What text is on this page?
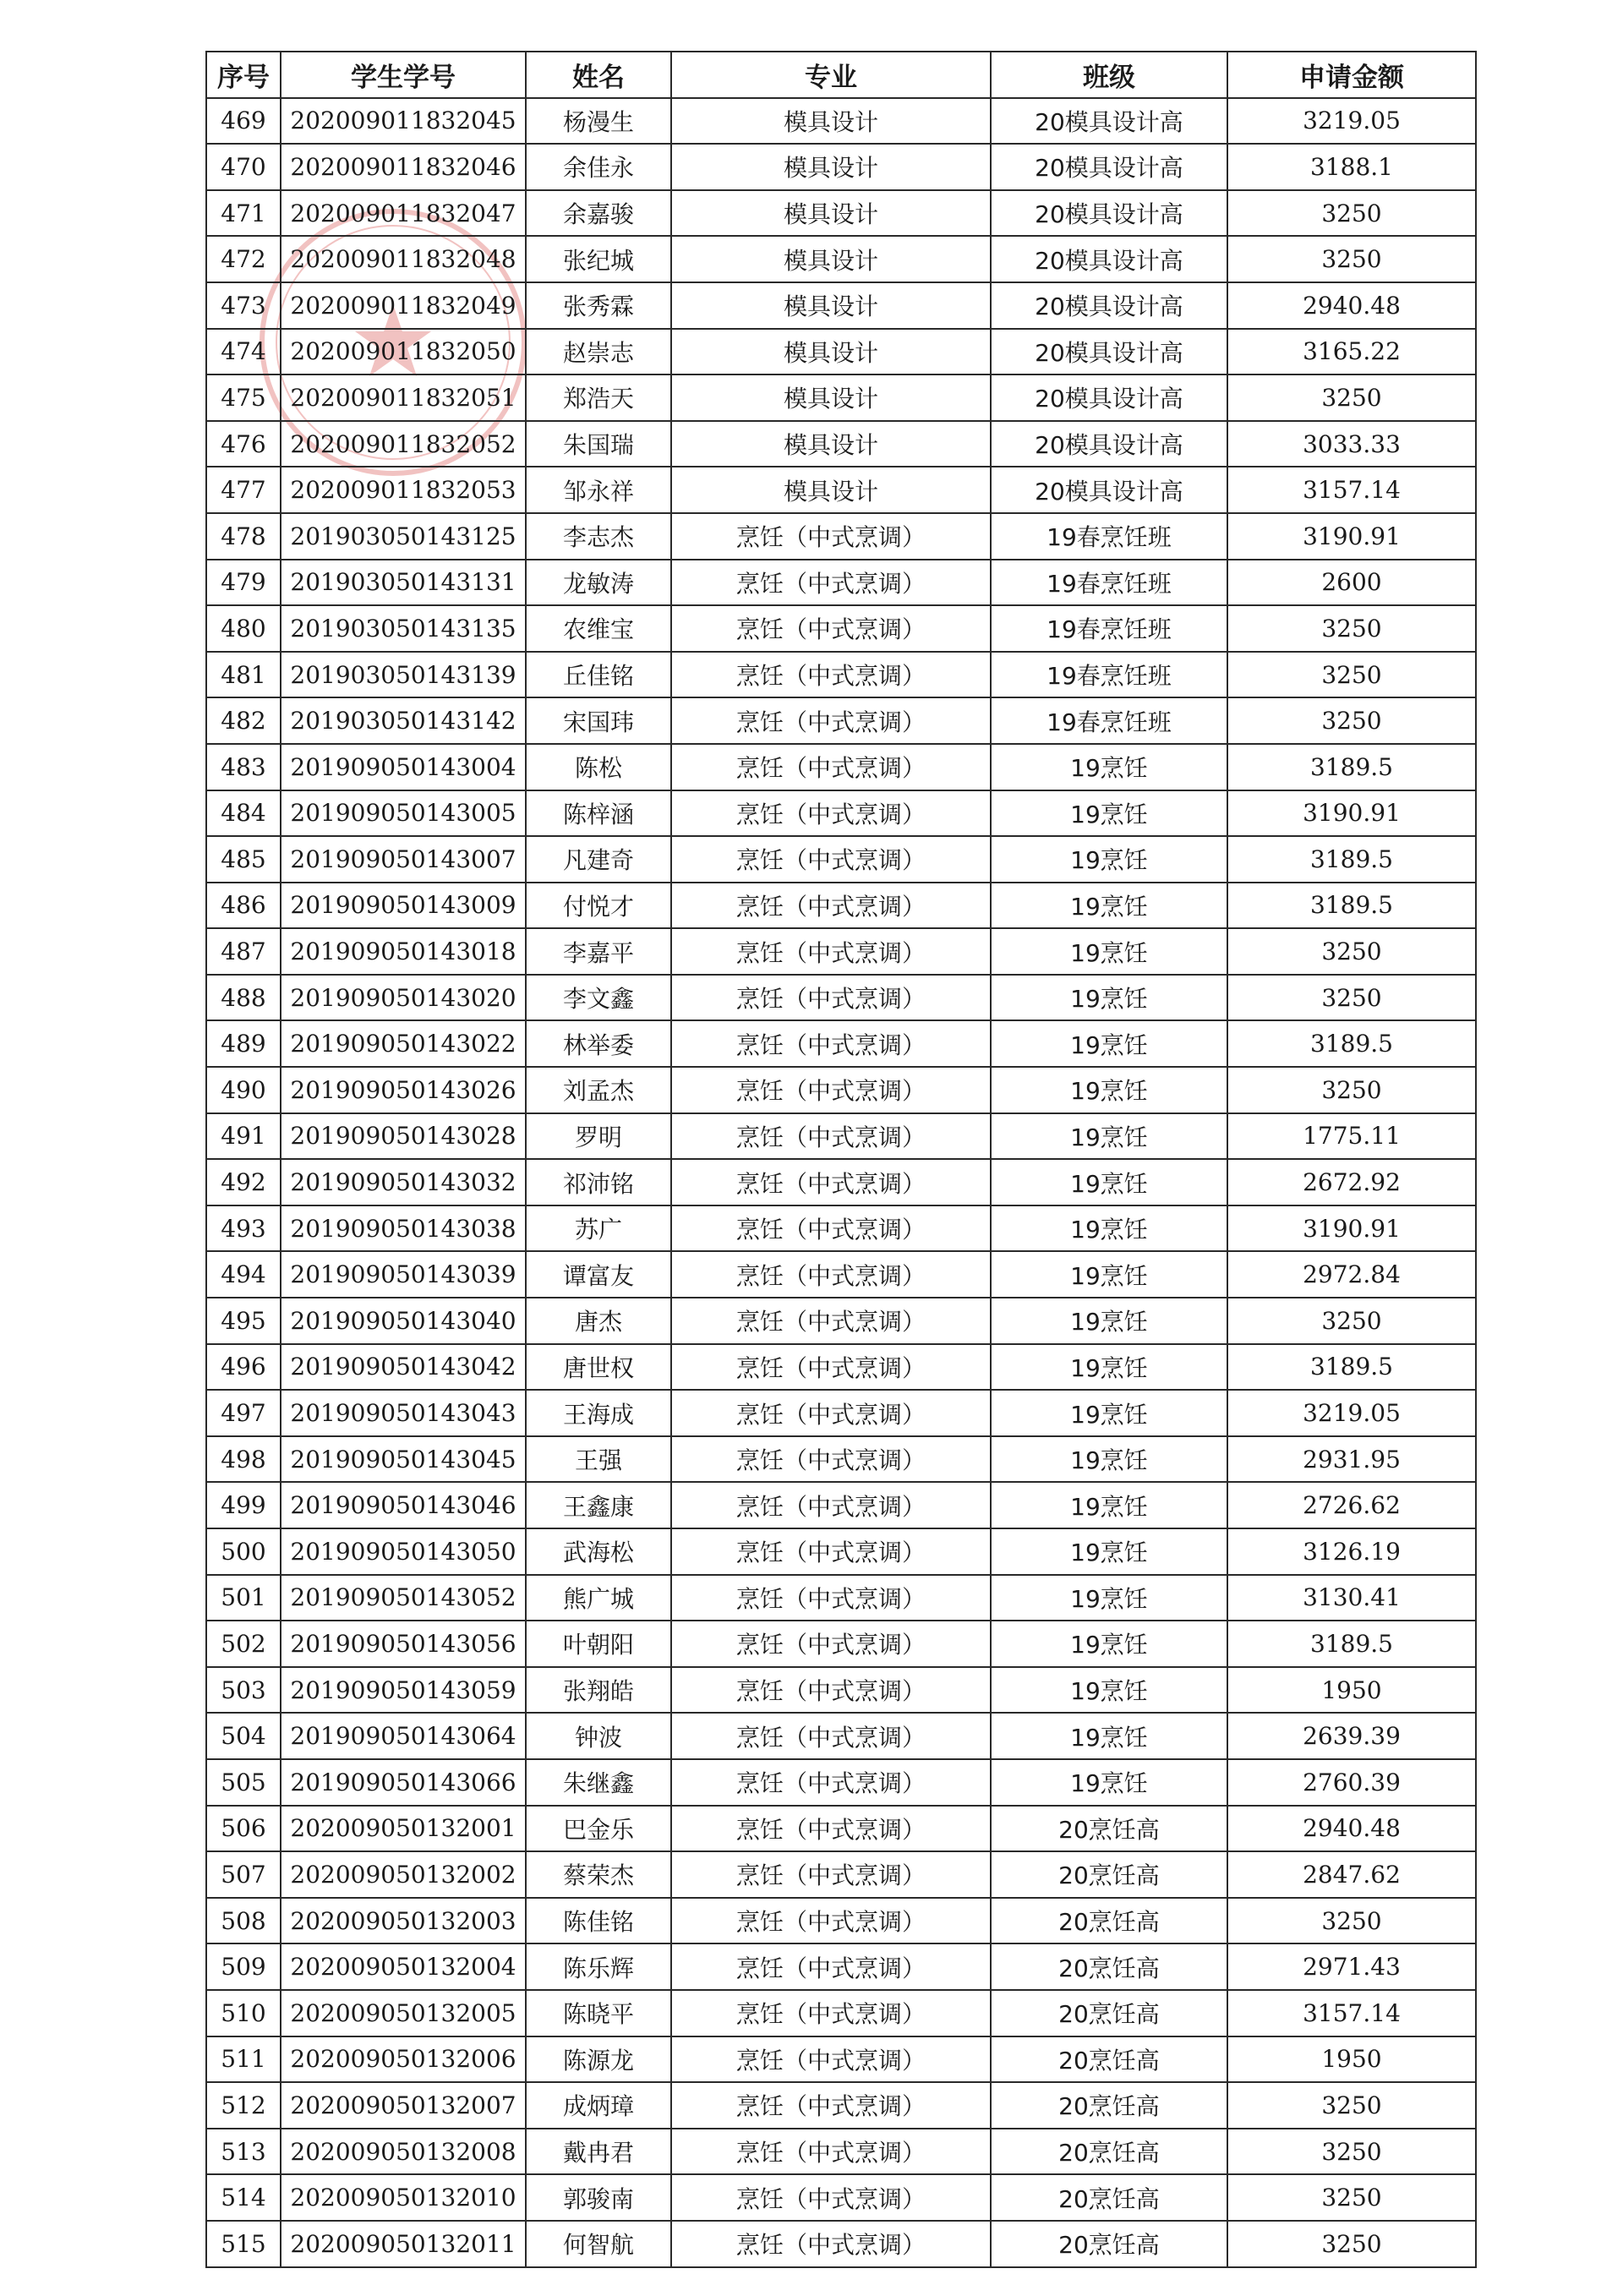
序号	学生学号	姓名	专业	班级	申请金额
469	202009011832045	杨漫生	模具设计	20模具设计高	3219.05
470	202009011832046	余佳永	模具设计	20模具设计高	3188.1
471	202009011832047	余嘉骏	模具设计	20模具设计高	3250
472	202009011832048	张纪城	模具设计	20模具设计高	3250
473	202009011832049	张秀霖	模具设计	20模具设计高	2940.48
474	202009011832050	赵崇志	模具设计	20模具设计高	3165.22
475	202009011832051	郑浩天	模具设计	20模具设计高	3250
476	202009011832052	朱国瑞	模具设计	20模具设计高	3033.33
477	202009011832053	邹永祥	模具设计	20模具设计高	3157.14
478	201903050143125	李志杰	烹饪（中式烹调）	19春烹饪班	3190.91
479	201903050143131	龙敏涛	烹饪（中式烹调）	19春烹饪班	2600
480	201903050143135	农维宝	烹饪（中式烹调）	19春烹饪班	3250
481	201903050143139	丘佳铭	烹饪（中式烹调）	19春烹饪班	3250
482	201903050143142	宋国玮	烹饪（中式烹调）	19春烹饪班	3250
483	201909050143004	陈松	烹饪（中式烹调）	19烹饪	3189.5
484	201909050143005	陈梓涵	烹饪（中式烹调）	19烹饪	3190.91
485	201909050143007	凡建奇	烹饪（中式烹调）	19烹饪	3189.5
486	201909050143009	付悦才	烹饪（中式烹调）	19烹饪	3189.5
487	201909050143018	李嘉平	烹饪（中式烹调）	19烹饪	3250
488	201909050143020	李文鑫	烹饪（中式烹调）	19烹饪	3250
489	201909050143022	林举委	烹饪（中式烹调）	19烹饪	3189.5
490	201909050143026	刘孟杰	烹饪（中式烹调）	19烹饪	3250
491	201909050143028	罗明	烹饪（中式烹调）	19烹饪	1775.11
492	201909050143032	祁沛铭	烹饪（中式烹调）	19烹饪	2672.92
493	201909050143038	苏广	烹饪（中式烹调）	19烹饪	3190.91
494	201909050143039	谭富友	烹饪（中式烹调）	19烹饪	2972.84
495	201909050143040	唐杰	烹饪（中式烹调）	19烹饪	3250
496	201909050143042	唐世权	烹饪（中式烹调）	19烹饪	3189.5
497	201909050143043	王海成	烹饪（中式烹调）	19烹饪	3219.05
498	201909050143045	王强	烹饪（中式烹调）	19烹饪	2931.95
499	201909050143046	王鑫康	烹饪（中式烹调）	19烹饪	2726.62
500	201909050143050	武海松	烹饪（中式烹调）	19烹饪	3126.19
501	201909050143052	熊广城	烹饪（中式烹调）	19烹饪	3130.41
502	201909050143056	叶朝阳	烹饪（中式烹调）	19烹饪	3189.5
503	201909050143059	张翔皓	烹饪（中式烹调）	19烹饪	1950
504	201909050143064	钟波	烹饪（中式烹调）	19烹饪	2639.39
505	201909050143066	朱继鑫	烹饪（中式烹调）	19烹饪	2760.39
506	202009050132001	巴金乐	烹饪（中式烹调）	20烹饪高	2940.48
507	202009050132002	蔡荣杰	烹饪（中式烹调）	20烹饪高	2847.62
508	202009050132003	陈佳铭	烹饪（中式烹调）	20烹饪高	3250
509	202009050132004	陈乐辉	烹饪（中式烹调）	20烹饪高	2971.43
510	202009050132005	陈晓平	烹饪（中式烹调）	20烹饪高	3157.14
511	202009050132006	陈源龙	烹饪（中式烹调）	20烹饪高	1950
512	202009050132007	成炳璋	烹饪（中式烹调）	20烹饪高	3250
513	202009050132008	戴冉君	烹饪（中式烹调）	20烹饪高	3250
514	202009050132010	郭骏南	烹饪（中式烹调）	20烹饪高	3250
515	202009050132011	何智航	烹饪（中式烹调）	20烹饪高	3250
